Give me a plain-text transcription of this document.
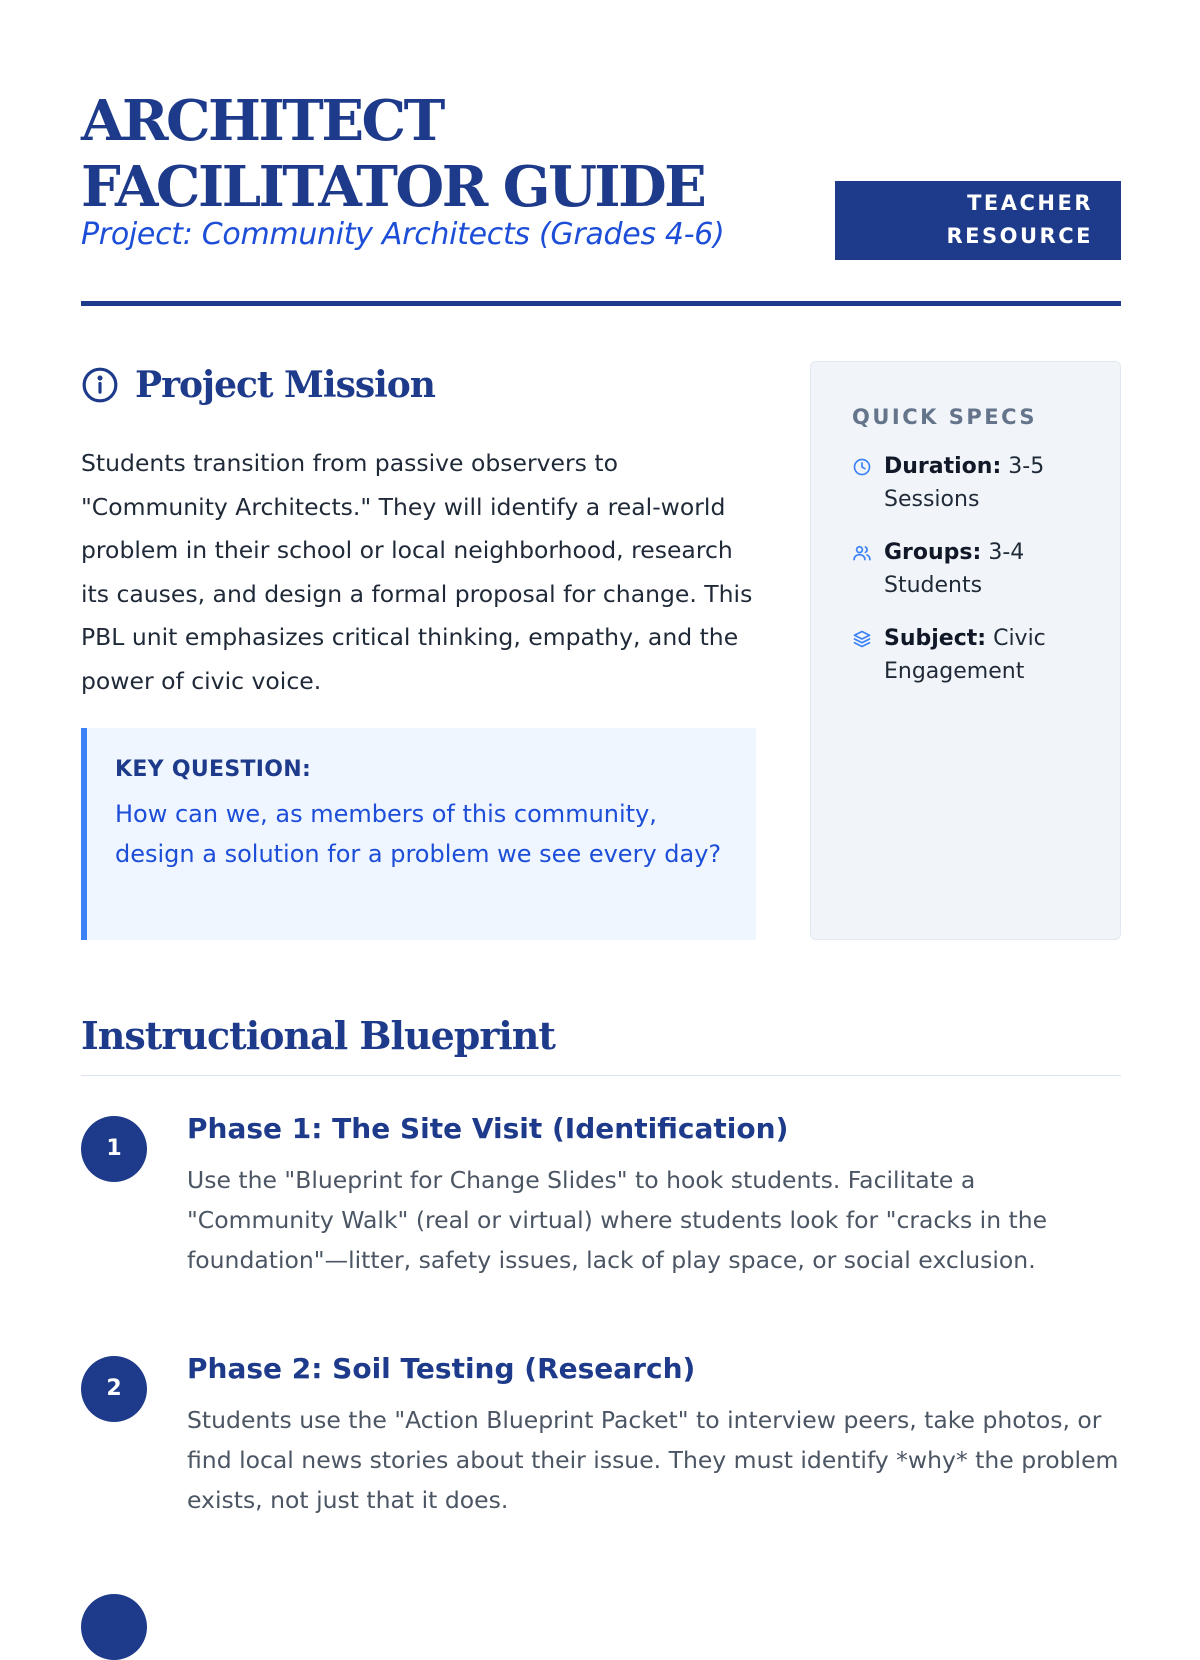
ARCHITECT FACILITATOR GUIDE
Project: Community Architects (Grades 4-6)
TEACHER RESOURCE
Project Mission

Students transition from passive observers to "Community Architects." They will identify a real-world problem in their school or local neighborhood, research its causes, and design a formal proposal for change. This PBL unit emphasizes critical thinking, empathy, and the power of civic voice.

KEY QUESTION:
How can we, as members of this community, design a solution for a problem we see every day?
QUICK SPECS
Duration: 3-5 Sessions
Groups: 3-4 Students
Subject: Civic Engagement
Instructional Blueprint
1
Phase 1: The Site Visit (Identification)

Use the "Blueprint for Change Slides" to hook students. Facilitate a "Community Walk" (real or virtual) where students look for "cracks in the foundation"—litter, safety issues, lack of play space, or social exclusion.

2
Phase 2: Soil Testing (Research)

Students use the "Action Blueprint Packet" to interview peers, take photos, or find local news stories about their issue. They must identify *why* the problem exists, not just that it does.
